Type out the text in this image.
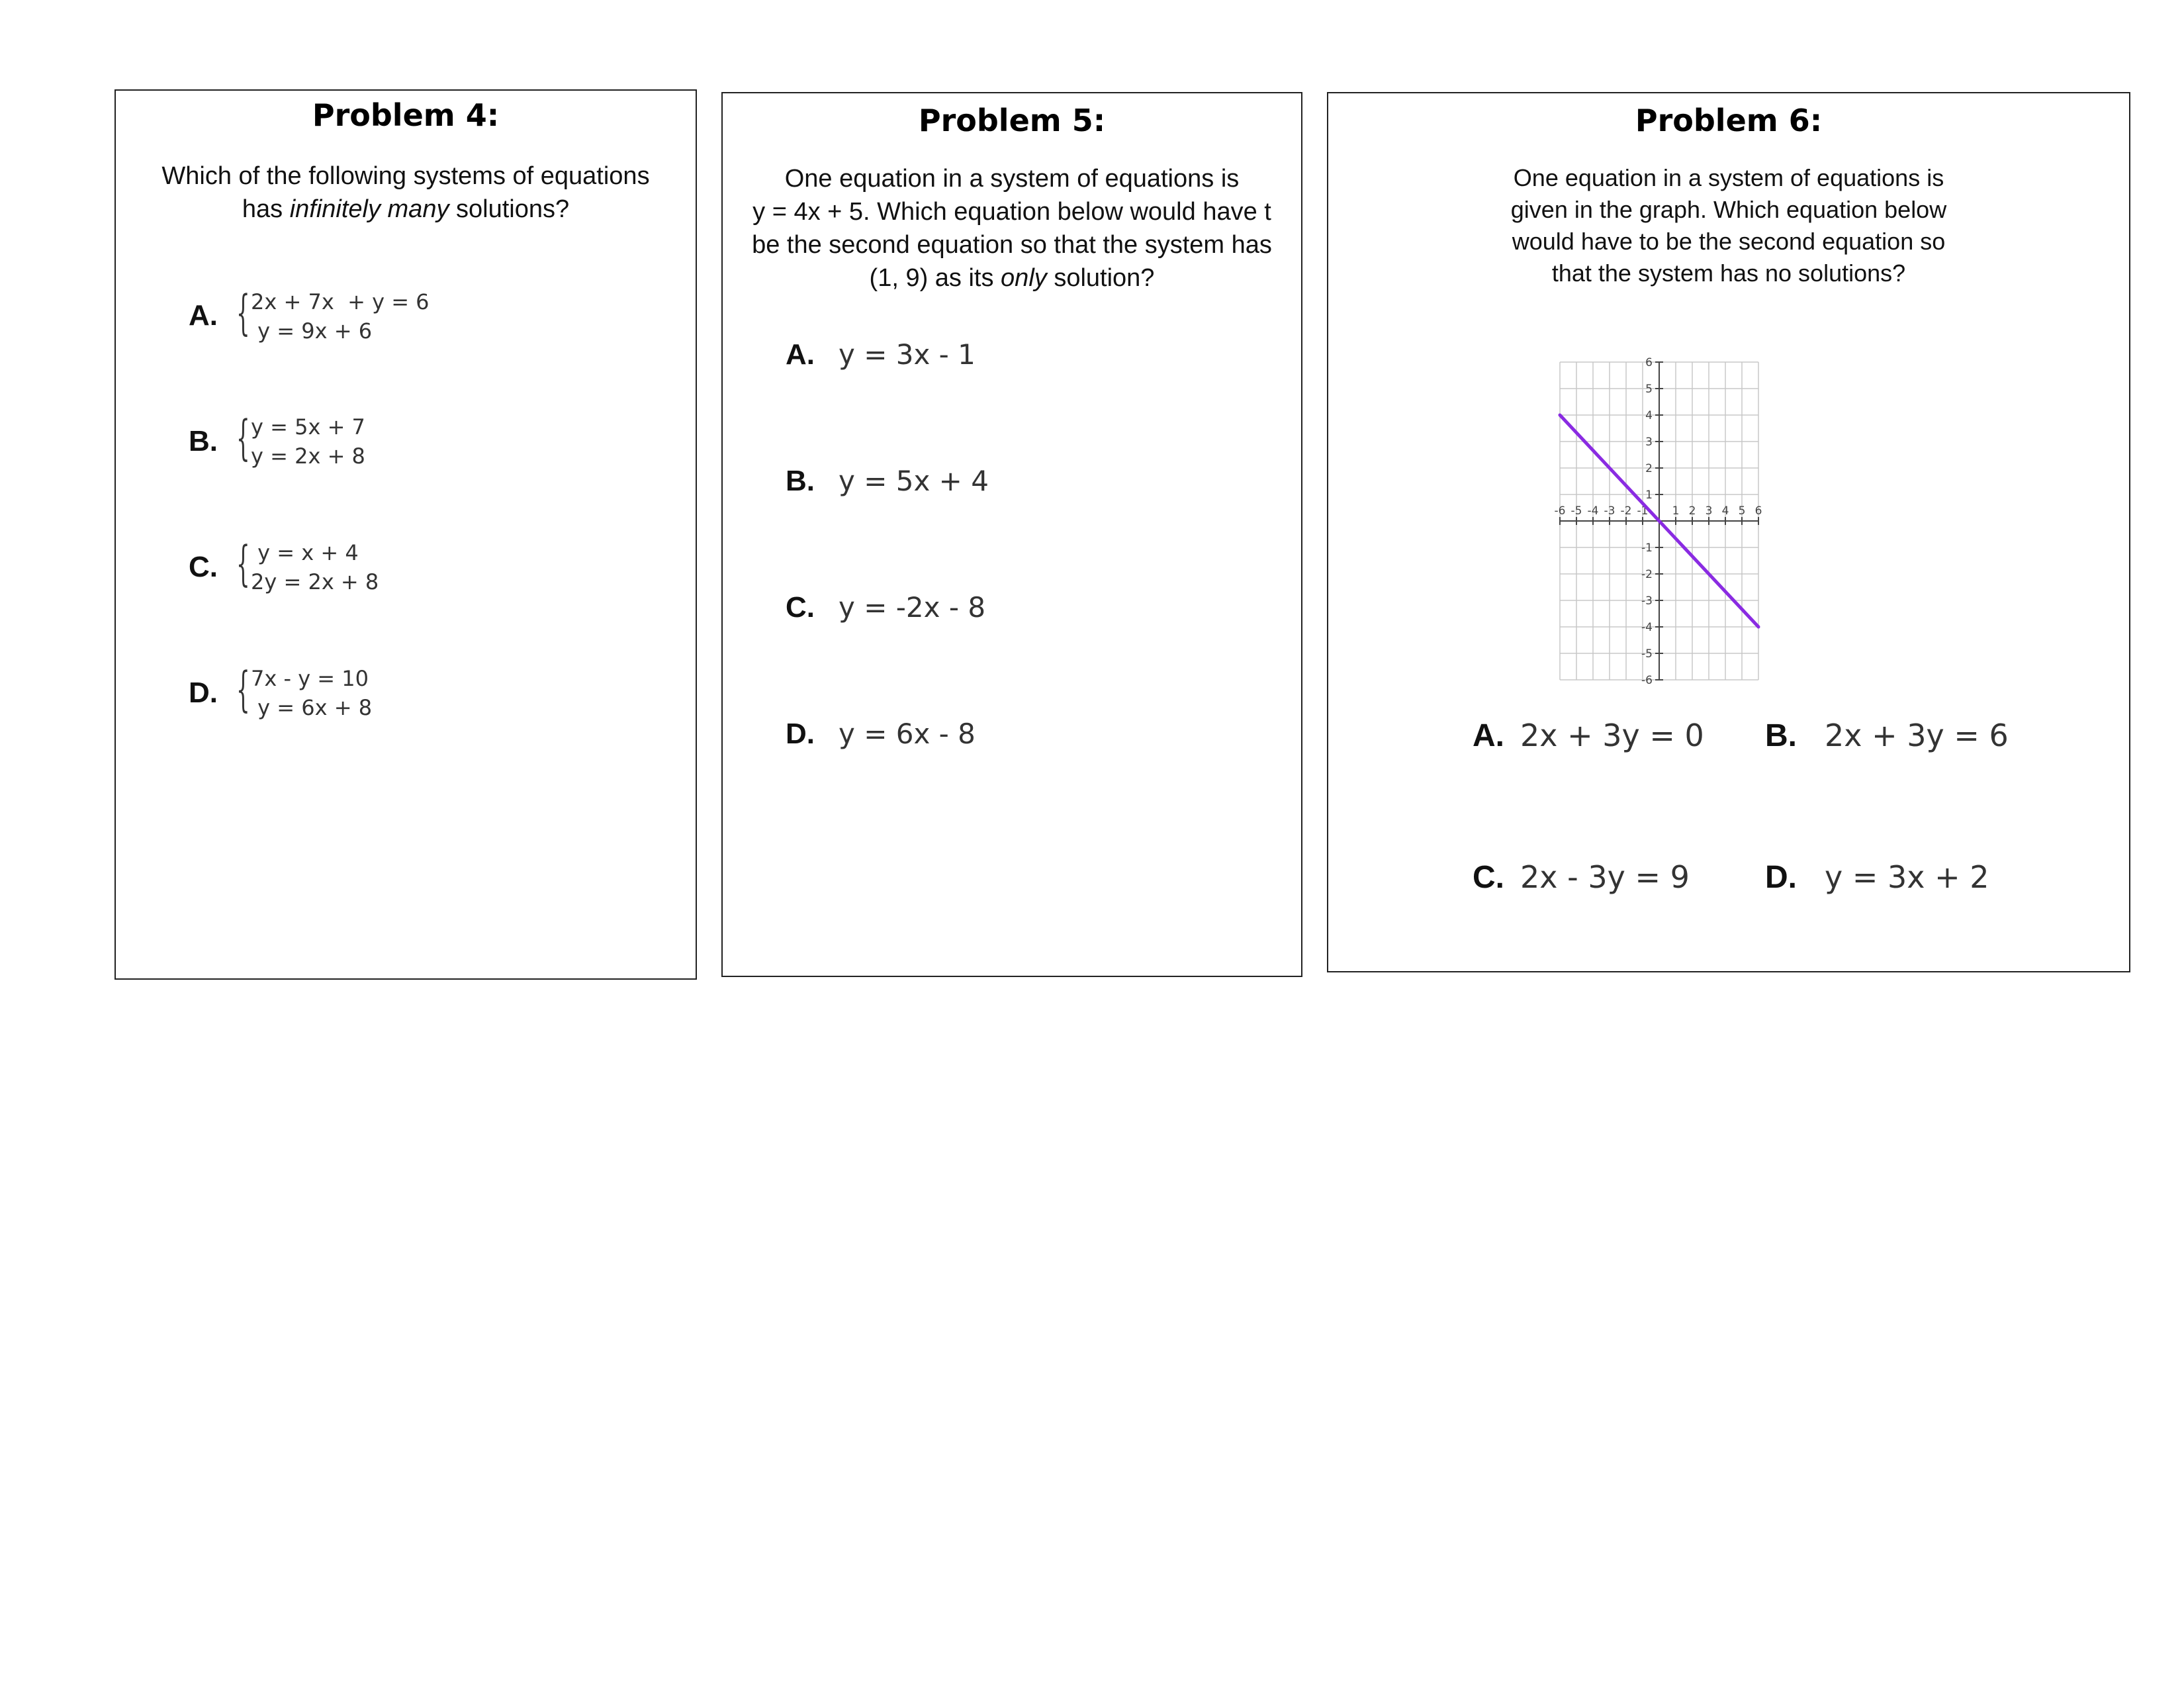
Problem 4:

Which of the following systems of equations

has infinitely many solutions?

A. { 2x + 7x  + y = 6
y = 9x + 6
B. { y = 5x + 7
y = 2x + 8
C. { y = x + 4
2y = 2x + 8
D. { 7x - y = 10
y = 6x + 8
Problem 5:

One equation in a system of equations is

y = 4x + 5. Which equation below would have t

be the second equation so that the system has

(1, 9) as its only solution?

A. y = 3x - 1
B. y = 5x + 4
C. y = -2x - 8
D. y = 6x - 8
Problem 6:

One equation in a system of equations is

given in the graph. Which equation below

would have to be the second equation so

that the system has no solutions?

-6 -5 -4 -3 -2 -1 1 2 3 4 5 6
6
5
4
3
2
1
-1
-2
-3
-4
-5
-6
A. 2x + 3y = 0 B. 2x + 3y = 6
C. 2x - 3y = 9 D. y = 3x + 2
